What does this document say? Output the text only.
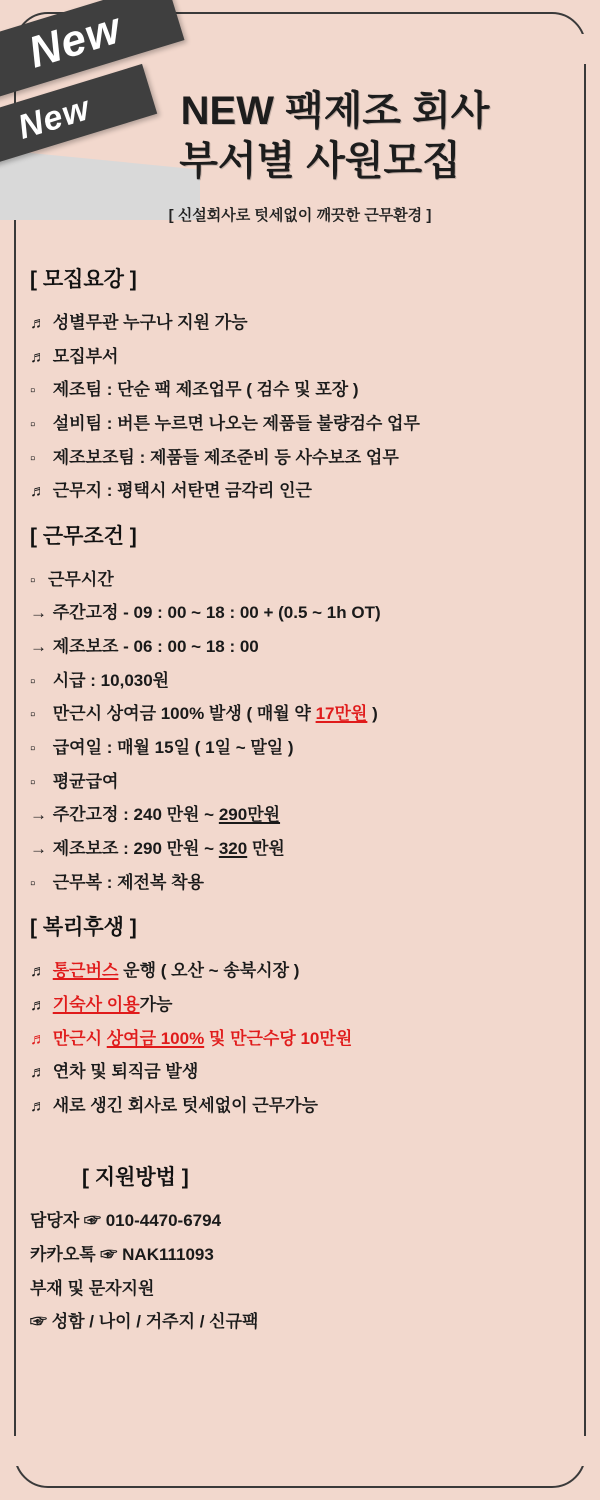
New
New	NEW 팩제조 회사
부서별 사원모집
[ 신설회사로 텃세없이 깨끗한 근무환경 ]
[ 모집요강 ]
♬ 성별무관 누구나 지원 가능
♬ 모집부서
▫ 제조팀 : 단순 팩 제조업무 ( 검수 및 포장 )
▫ 설비팀 : 버튼 누르면 나오는 제품들 불량검수 업무
▫ 제조보조팀 : 제품들 제조준비 등 사수보조 업무
♬ 근무지 : 평택시 서탄면 금각리 인근
[ 근무조건 ]
▫ 근무시간
→ 주간고정 - 09 : 00 ~ 18 : 00 + (0.5 ~ 1h OT)
→ 제조보조 - 06 : 00 ~ 18 : 00
▫ 시급 : 10,030원
▫ 만근시 상여금 100% 발생 ( 매월 약 17만원 )
▫ 급여일 : 매월 15일 ( 1일 ~ 말일 )
▫ 평균급여
→ 주간고정 : 240 만원 ~ 290만원
→ 제조보조 : 290 만원 ~ 320 만원
▫ 근무복 : 제전복 착용
[ 복리후생 ]
♬ 통근버스 운행 ( 오산 ~ 송북시장 )
♬ 기숙사 이용가능
♬ 만근시 상여금 100% 및 만근수당 10만원
♬ 연차 및 퇴직금 발생
♬ 새로 생긴 회사로 텃세없이 근무가능
[ 지원방법 ]
담당자 ☞ 010-4470-6794
카카오톡 ☞ NAK111093
부재 및 문자지원
☞ 성함 / 나이 / 거주지 / 신규팩
